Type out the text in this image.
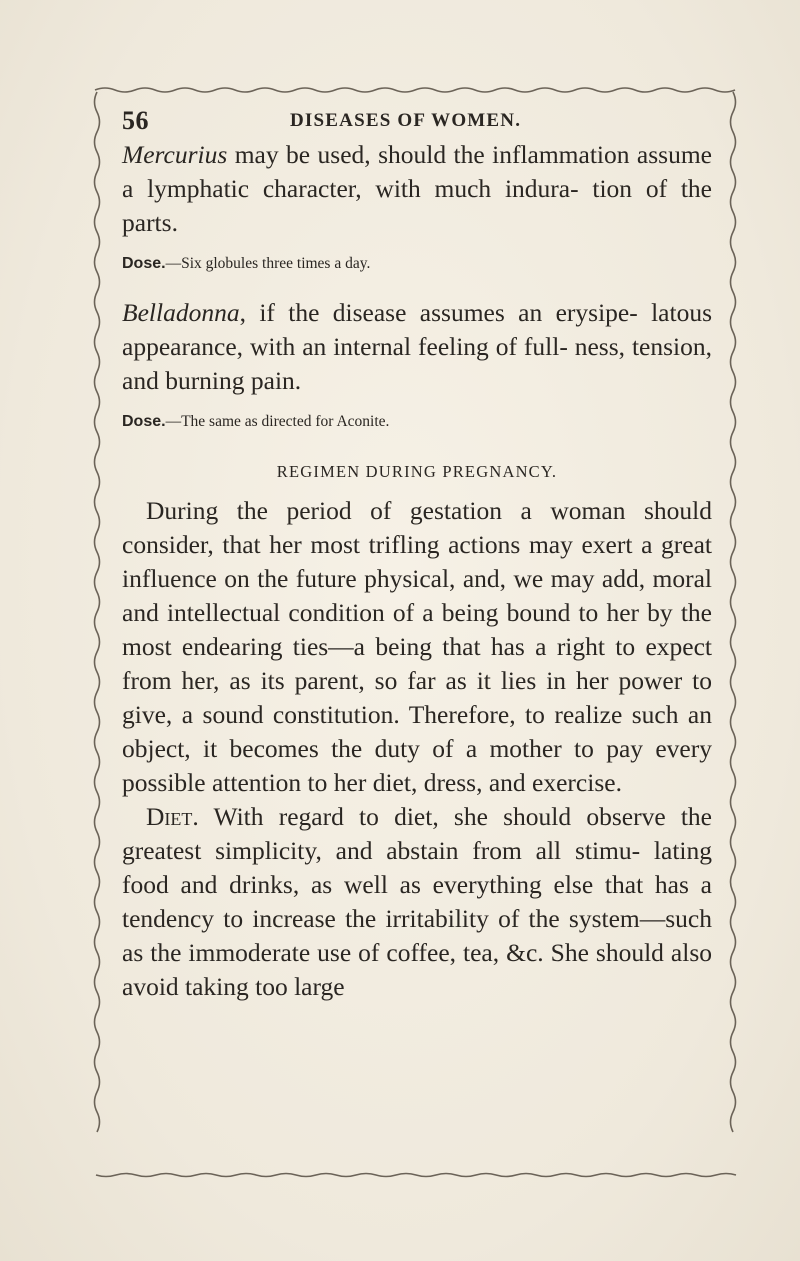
56	DISEASES OF WOMEN.

Mercurius may be used, should the inflammation assume a lymphatic character, with much indura- tion of the parts.

Dose.—Six globules three times a day.

Belladonna, if the disease assumes an erysipe- latous appearance, with an internal feeling of full- ness, tension, and burning pain.

Dose.—The same as directed for Aconite.

REGIMEN DURING PREGNANCY.

During the period of gestation a woman should consider, that her most trifling actions may exert a great influence on the future physical, and, we may add, moral and intellectual condition of a being bound to her by the most endearing ties—a being that has a right to expect from her, as its parent, so far as it lies in her power to give, a sound constitution. Therefore, to realize such an object, it becomes the duty of a mother to pay every possible attention to her diet, dress, and exercise.

Diet. With regard to diet, she should observe the greatest simplicity, and abstain from all stimu- lating food and drinks, as well as everything else that has a tendency to increase the irritability of the system—such as the immoderate use of coffee, tea, &c. She should also avoid taking too large
